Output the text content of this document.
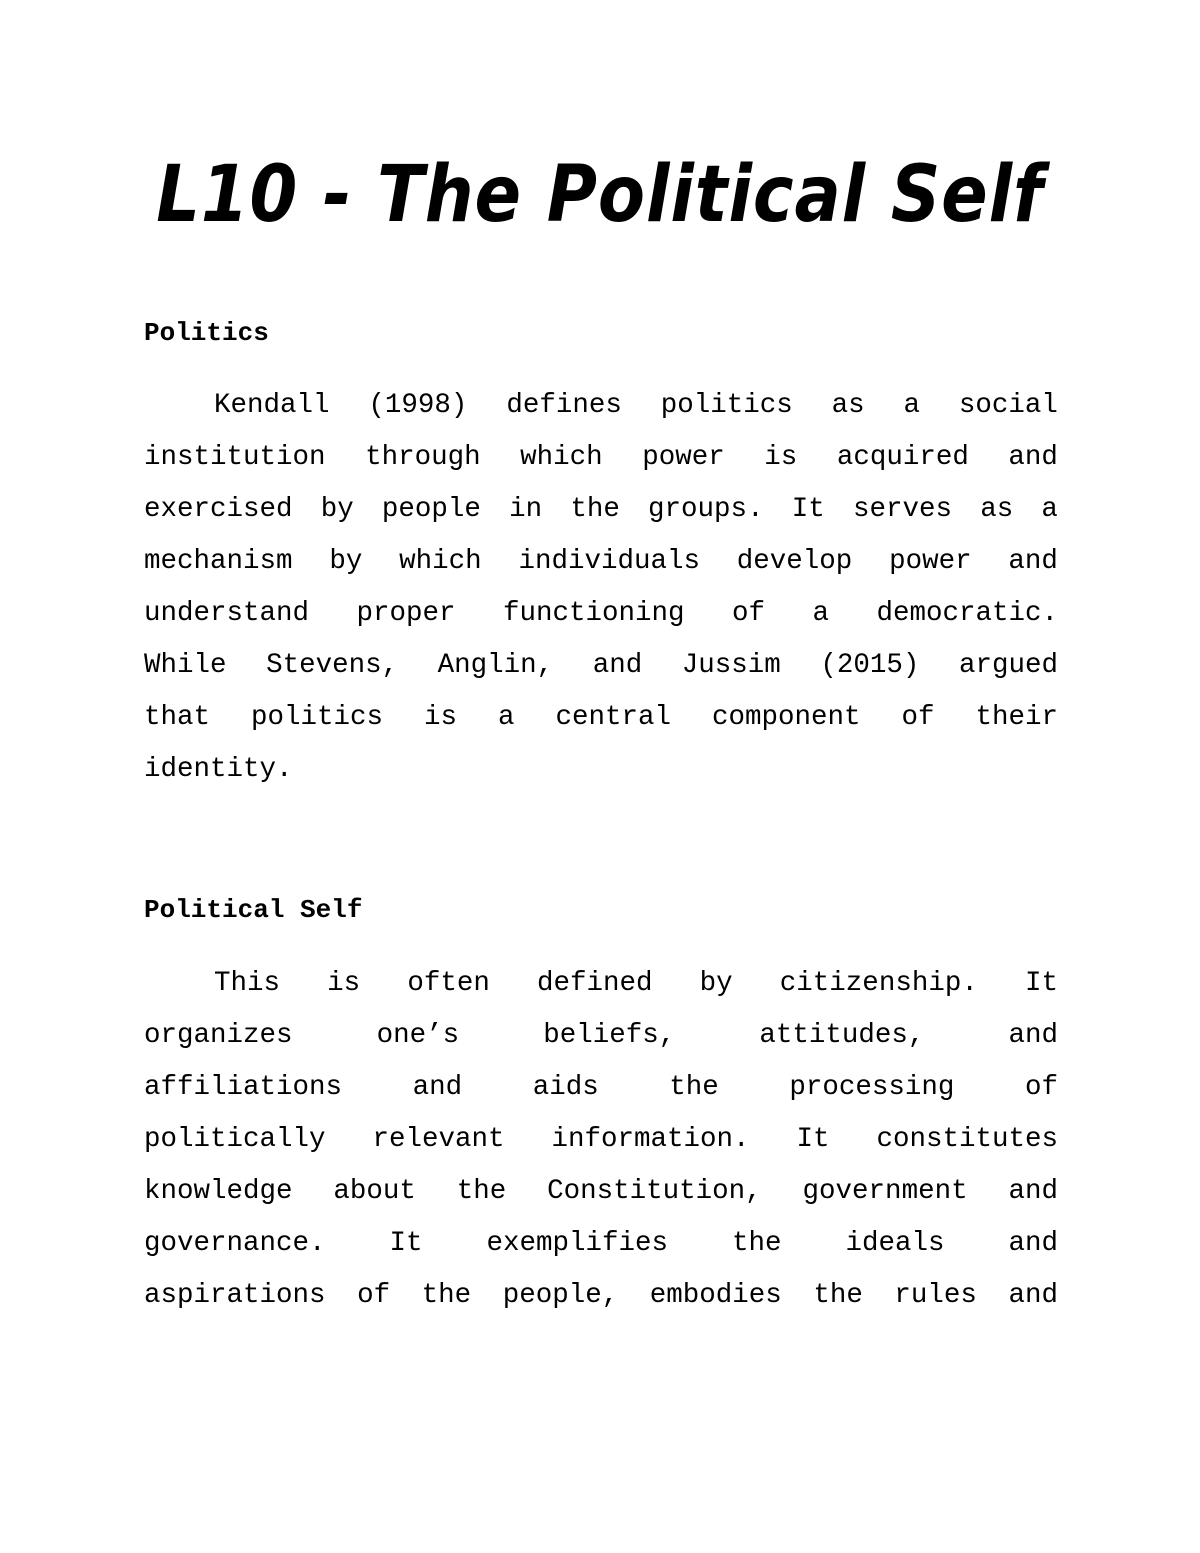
L10 - The Political Self
Politics
Kendall (1998) defines politics as a social
institution through which power is acquired and
exercised by people in the groups. It serves as a
mechanism by which individuals develop power and
understand proper functioning of a democratic.
While Stevens, Anglin, and Jussim (2015) argued
that politics is a central component of their
identity.
Political Self
This is often defined by citizenship. It
organizes	one’s	beliefs,	attitudes,	and
affiliations	and	aids	the	processing	of
politically relevant information. It constitutes
knowledge about the Constitution, government and
governance. It exemplifies the ideals and
aspirations of the people, embodies the rules and
